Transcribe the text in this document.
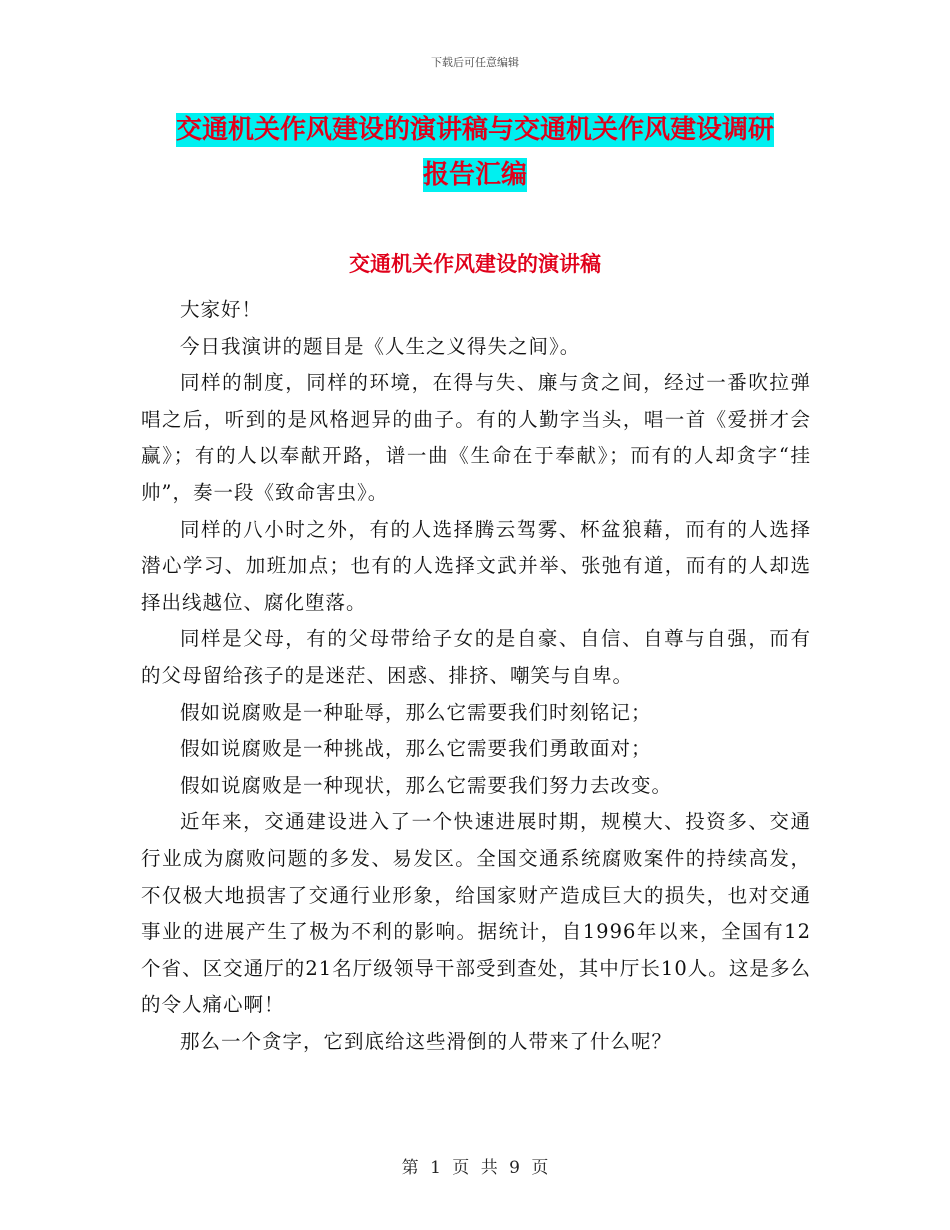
下载后可任意编辑
交通机关作风建设的演讲稿与交通机关作风建设调研
报告汇编
交通机关作风建设的演讲稿

大家好！

今日我演讲的题目是《人生之义得失之间》。

同样的制度，同样的环境，在得与失、廉与贪之间，经过一番吹拉弹唱之后，听到的是风格迥异的曲子。有的人勤字当头，唱一首《爱拼才会赢》；有的人以奉献开路，谱一曲《生命在于奉献》；而有的人却贪字“挂帅”，奏一段《致命害虫》。

同样的八小时之外，有的人选择腾云驾雾、杯盆狼藉，而有的人选择潜心学习、加班加点；也有的人选择文武并举、张弛有道，而有的人却选择出线越位、腐化堕落。

同样是父母，有的父母带给子女的是自豪、自信、自尊与自强，而有的父母留给孩子的是迷茫、困惑、排挤、嘲笑与自卑。

假如说腐败是一种耻辱，那么它需要我们时刻铭记；

假如说腐败是一种挑战，那么它需要我们勇敢面对；

假如说腐败是一种现状，那么它需要我们努力去改变。

近年来，交通建设进入了一个快速进展时期，规模大、投资多、交通行业成为腐败问题的多发、易发区。全国交通系统腐败案件的持续高发，不仅极大地损害了交通行业形象，给国家财产造成巨大的损失，也对交通事业的进展产生了极为不利的影响。据统计，自1996年以来，全国有12个省、区交通厅的21名厅级领导干部受到查处，其中厅长10人。这是多么的令人痛心啊！

那么一个贪字，它到底给这些滑倒的人带来了什么呢？

第 1 页 共 9 页
